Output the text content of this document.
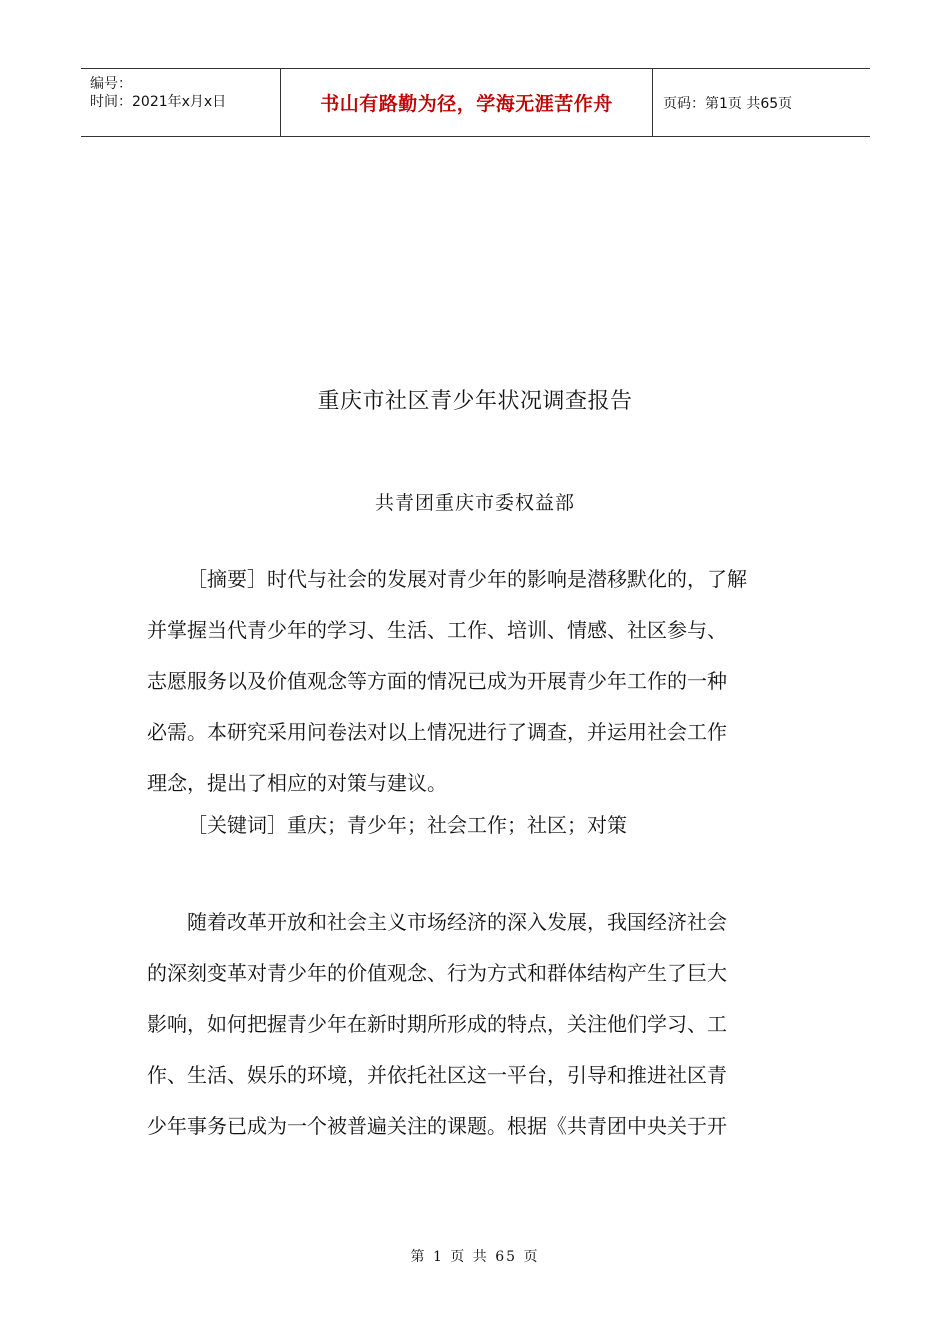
编号：
时间：2021年x月x日	书山有路勤为径，学海无涯苦作舟	页码：第1页 共65页
重庆市社区青少年状况调查报告
共青团重庆市委权益部
［摘要］时代与社会的发展对青少年的影响是潜移默化的，了解
并掌握当代青少年的学习、生活、工作、培训、情感、社区参与、
志愿服务以及价值观念等方面的情况已成为开展青少年工作的一种
必需。本研究采用问卷法对以上情况进行了调查，并运用社会工作
理念，提出了相应的对策与建议。
［关键词］重庆；青少年；社会工作；社区；对策
随着改革开放和社会主义市场经济的深入发展，我国经济社会
的深刻变革对青少年的价值观念、行为方式和群体结构产生了巨大
影响，如何把握青少年在新时期所形成的特点，关注他们学习、工
作、生活、娱乐的环境，并依托社区这一平台，引导和推进社区青
少年事务已成为一个被普遍关注的课题。根据《共青团中央关于开
第 1 页 共 65 页
